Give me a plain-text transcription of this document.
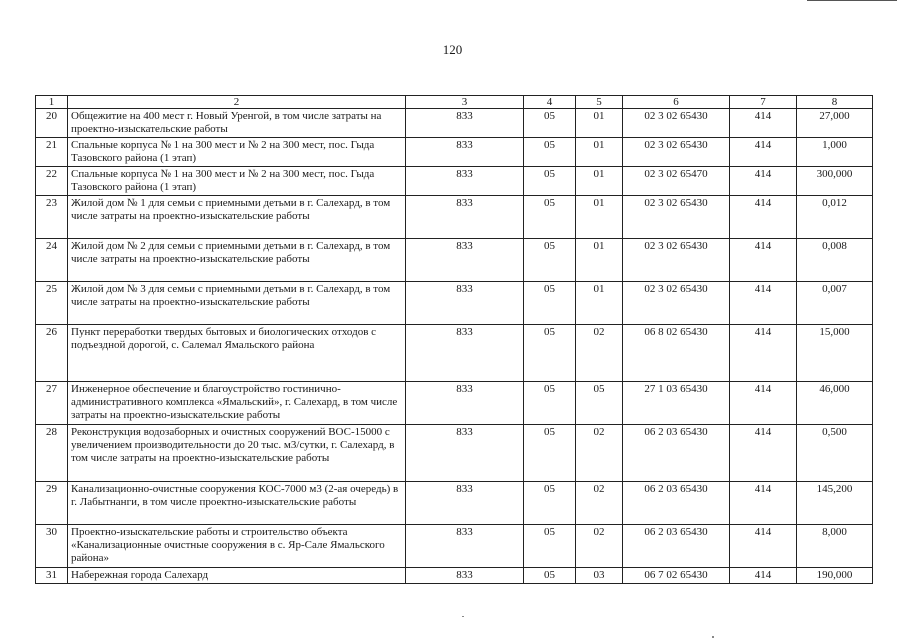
120
1	2	3	4	5	6	7	8
20	Общежитие на 400 мест г. Новый Уренгой, в том числе затраты на проектно-изыскательские работы	833	05	01	02 3 02 65430	414	27,000
21	Спальные корпуса № 1 на 300 мест и № 2 на 300 мест, пос. Гыда Тазовского района (1 этап)	833	05	01	02 3 02 65430	414	1,000
22	Спальные корпуса № 1 на 300 мест и № 2 на 300 мест, пос. Гыда Тазовского района (1 этап)	833	05	01	02 3 02 65470	414	300,000
23	Жилой дом № 1 для семьи с приемными детьми в г. Салехард, в том числе затраты на проектно-изыскательские работы	833	05	01	02 3 02 65430	414	0,012
24	Жилой дом № 2 для семьи с приемными детьми в г. Салехард, в том числе затраты на проектно-изыскательские работы	833	05	01	02 3 02 65430	414	0,008
25	Жилой дом № 3 для семьи с приемными детьми в г. Салехард, в том числе затраты на проектно-изыскательские работы	833	05	01	02 3 02 65430	414	0,007
26	Пункт переработки твердых бытовых и биологических отходов с подъездной дорогой, с. Салемал Ямальского района	833	05	02	06 8 02 65430	414	15,000
27	Инженерное обеспечение и благоустройство гостинично-административного комплекса «Ямальский», г. Салехард, в том числе затраты на проектно-изыскательские работы	833	05	05	27 1 03 65430	414	46,000
28	Реконструкция водозаборных и очистных сооружений ВОС-15000 с увеличением производительности до 20 тыс. м3/сутки, г. Салехард, в том числе затраты на проектно-изыскательские работы	833	05	02	06 2 03 65430	414	0,500
29	Канализационно-очистные сооружения КОС-7000 м3 (2-ая очередь) в г. Лабытнанги, в том числе проектно-изыскательские работы	833	05	02	06 2 03 65430	414	145,200
30	Проектно-изыскательские работы и строительство объекта «Канализационные очистные сооружения в с. Яр-Сале Ямальского района»	833	05	02	06 2 03 65430	414	8,000
31	Набережная города Салехард	833	05	03	06 7 02 65430	414	190,000
